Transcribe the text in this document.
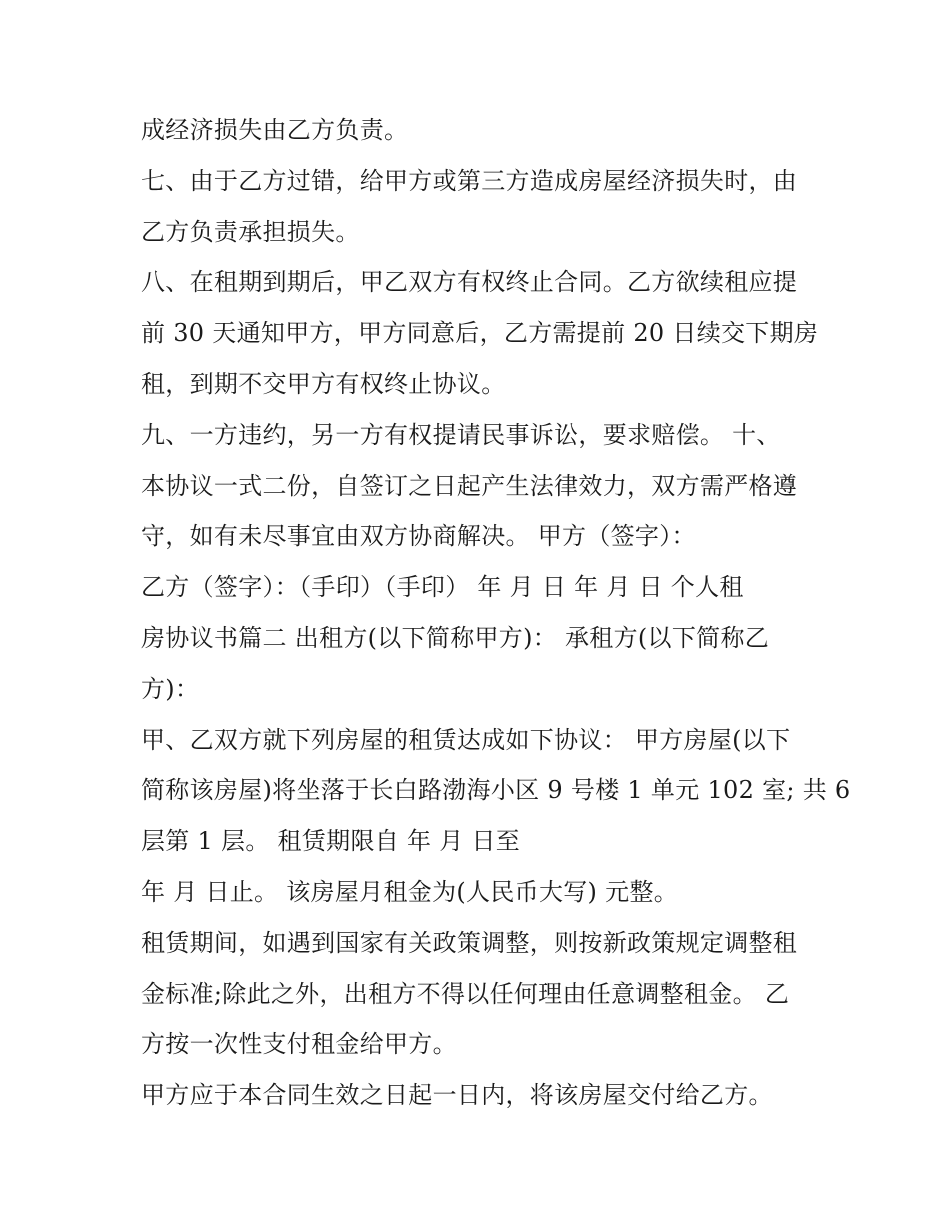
成经济损失由乙方负责。
七、由于乙方过错，给甲方或第三方造成房屋经济损失时，由
乙方负责承担损失。
八、在租期到期后，甲乙双方有权终止合同。乙方欲续租应提
前 30 天通知甲方，甲方同意后，乙方需提前 20 日续交下期房
租，到期不交甲方有权终止协议。
九、一方违约，另一方有权提请民事诉讼，要求赔偿。 十、
本协议一式二份，自签订之日起产生法律效力，双方需严格遵
守，如有未尽事宜由双方协商解决。 甲方（签字）：
乙方（签字）：（手印）（手印） 年 月 日 年 月 日 个人租
房协议书篇二 出租方(以下简称甲方)： 承租方(以下简称乙
方)：
甲、乙双方就下列房屋的租赁达成如下协议： 甲方房屋(以下
简称该房屋)将坐落于长白路渤海小区 9 号楼 1 单元 102 室; 共 6
层第 1 层。 租赁期限自 年 月 日至
年 月 日止。 该房屋月租金为(人民币大写) 元整。
租赁期间，如遇到国家有关政策调整，则按新政策规定调整租
金标准;除此之外，出租方不得以任何理由任意调整租金。 乙
方按一次性支付租金给甲方。
甲方应于本合同生效之日起一日内，将该房屋交付给乙方。
